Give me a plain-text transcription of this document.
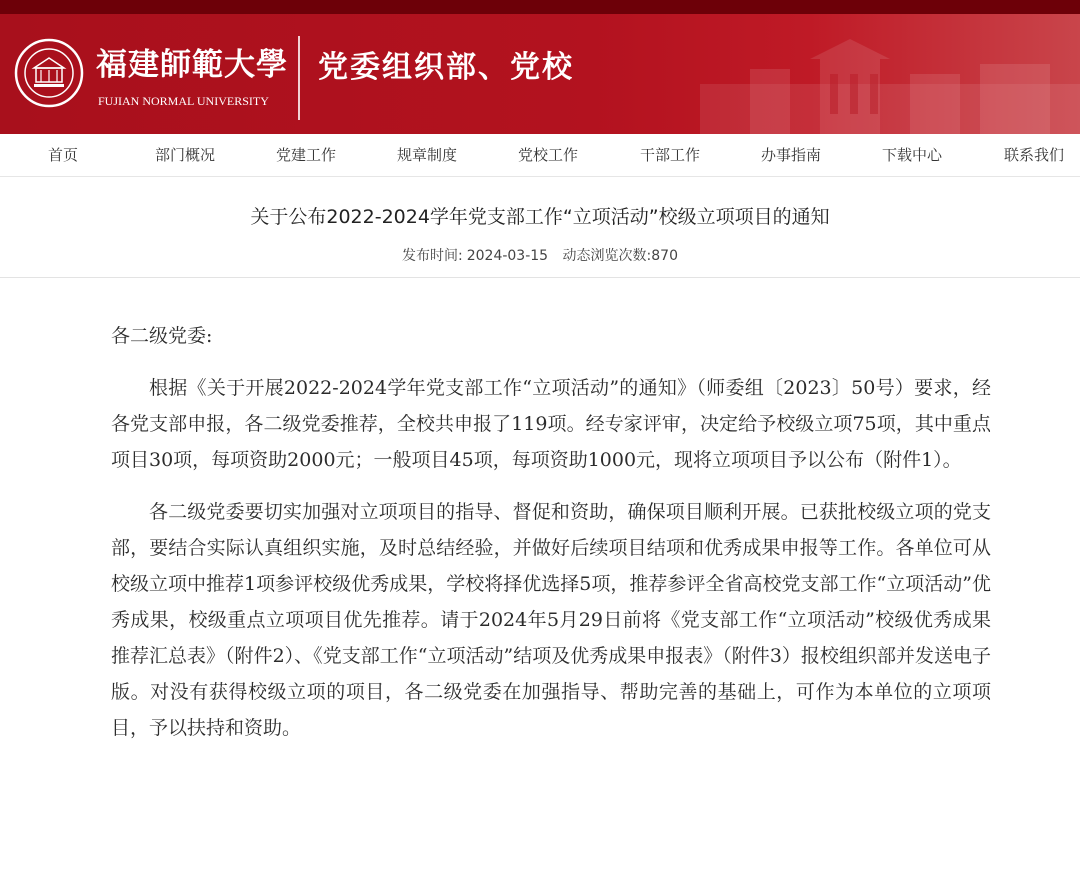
福建師範大學
FUJIAN NORMAL UNIVERSITY
党委组织部、党校
首页	部门概况	党建工作	规章制度	党校工作	干部工作	办事指南	下载中心	联系我们
关于公布2022-2024学年党支部工作“立项活动”校级立项项目的通知
发布时间: 2024-03-15 动态浏览次数:870

各二级党委:

根据《关于开展2022-2024学年党支部工作“立项活动”的通知》（师委组〔2023〕50号）要求，经各党支部申报，各二级党委推荐，全校共申报了119项。经专家评审，决定给予校级立项75项，其中重点项目30项，每项资助2000元；一般项目45项，每项资助1000元，现将立项项目予以公布（附件1）。

各二级党委要切实加强对立项项目的指导、督促和资助，确保项目顺利开展。已获批校级立项的党支部，要结合实际认真组织实施，及时总结经验，并做好后续项目结项和优秀成果申报等工作。各单位可从校级立项中推荐1项参评校级优秀成果，学校将择优选择5项，推荐参评全省高校党支部工作“立项活动”优秀成果，校级重点立项项目优先推荐。请于2024年5月29日前将《党支部工作“立项活动”校级优秀成果推荐汇总表》（附件2）、《党支部工作“立项活动”结项及优秀成果申报表》（附件3）报校组织部并发送电子版。对没有获得校级立项的项目，各二级党委在加强指导、帮助完善的基础上，可作为本单位的立项项目，予以扶持和资助。
